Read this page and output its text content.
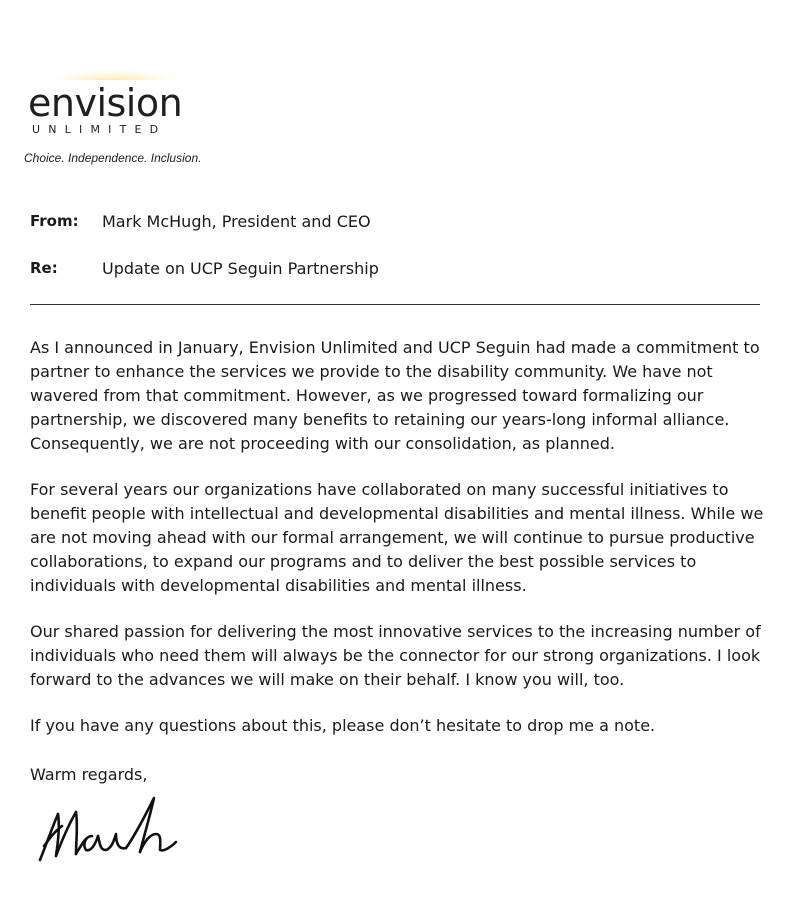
envision
UNLIMITED
Choice. Independence. Inclusion.
From: Mark McHugh, President and CEO
Re:	Update on UCP Seguin Partnership

As I announced in January, Envision Unlimited and UCP Seguin had made a commitment to partner to enhance the services we provide to the disability community. We have not wavered from that commitment. However, as we progressed toward formalizing our partnership, we discovered many benefits to retaining our years-long informal alliance. Consequently, we are not proceeding with our consolidation, as planned.

For several years our organizations have collaborated on many successful initiatives to benefit people with intellectual and developmental disabilities and mental illness. While we are not moving ahead with our formal arrangement, we will continue to pursue productive collaborations, to expand our programs and to deliver the best possible services to individuals with developmental disabilities and mental illness.

Our shared passion for delivering the most innovative services to the increasing number of individuals who need them will always be the connector for our strong organizations. I look forward to the advances we will make on their behalf. I know you will, too.

If you have any questions about this, please don’t hesitate to drop me a note.

Warm regards,
